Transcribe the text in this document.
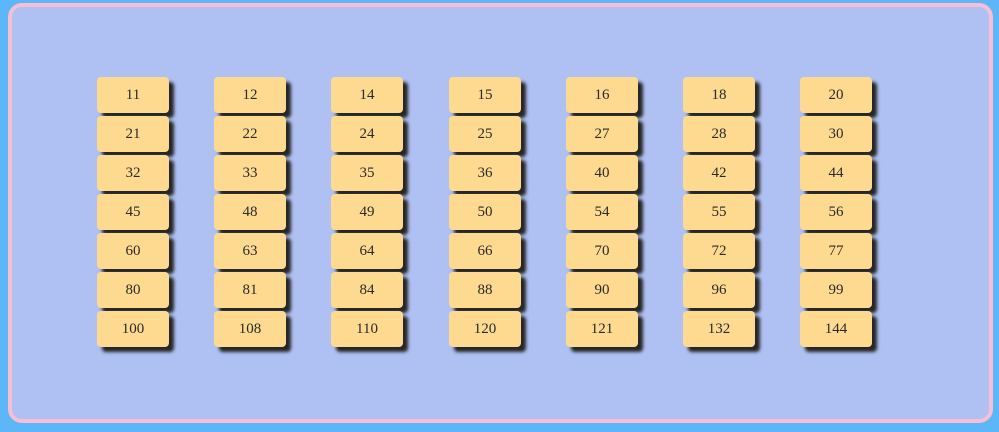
11
21
32
45
60
80
100
12
22
33
48
63
81
108
14
24
35
49
64
84
110
15
25
36
50
66
88
120
16
27
40
54
70
90
121
18
28
42
55
72
96
132
20
30
44
56
77
99
144
